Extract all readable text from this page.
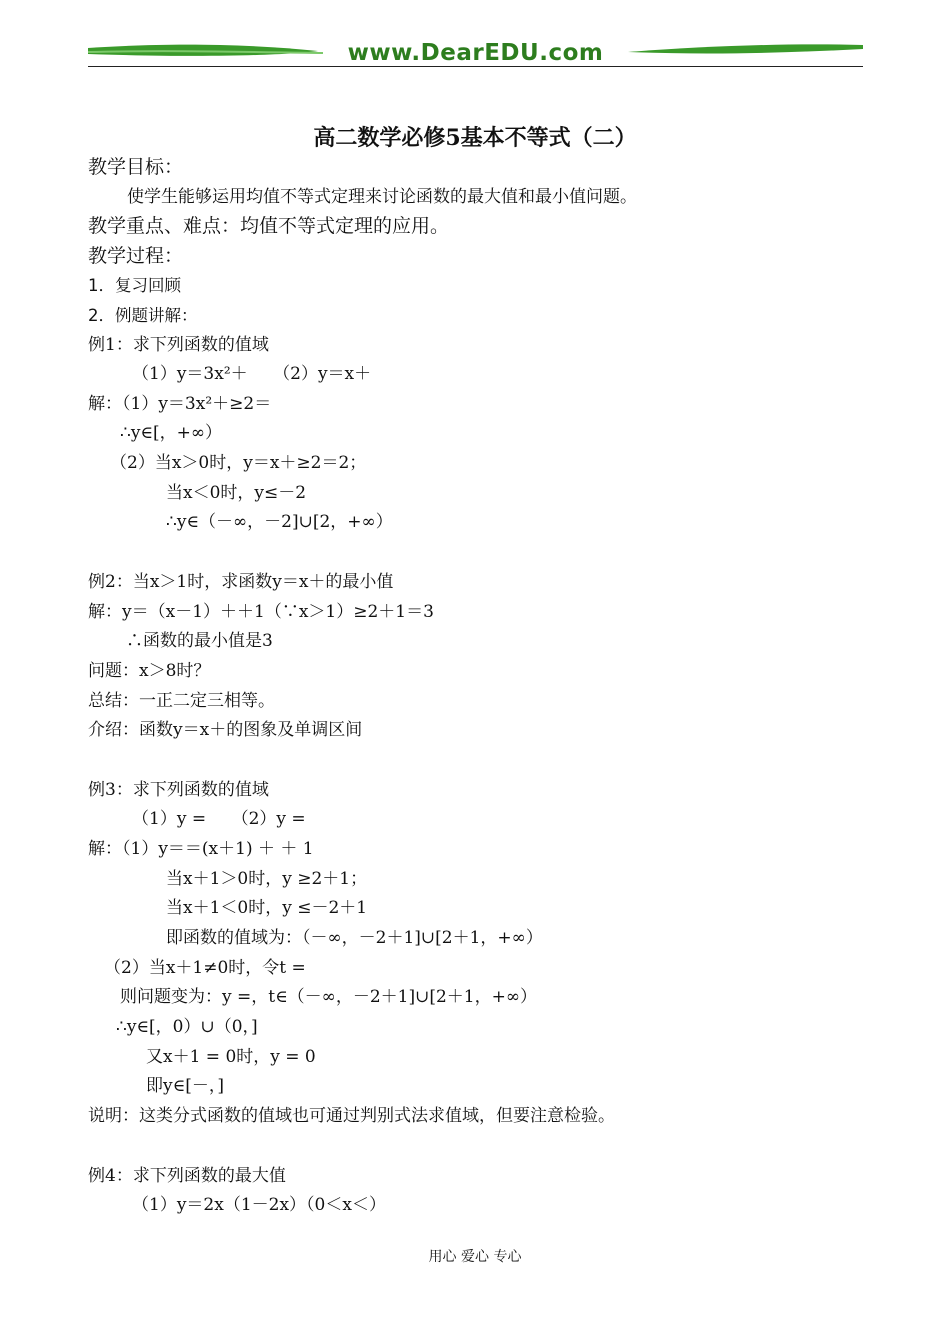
www.DearEDU.com
高二数学必修5基本不等式（二）
教学目标：
使学生能够运用均值不等式定理来讨论函数的最大值和最小值问题。
教学重点、难点：均值不等式定理的应用。
教学过程：
1．复习回顾
2．例题讲解：
例1：求下列函数的值域
（1）y＝3x²＋　　（2）y＝x＋
解：（1）y＝3x²＋≥2＝
∴y∈[，+∞）
（2）当x＞0时，y＝x＋≥2＝2；
当x＜0时，y≤－2
∴y∈（－∞，－2]∪[2，+∞）
例2：当x＞1时，求函数y＝x＋的最小值
解：y＝（x－1）＋＋1（∵x＞1）≥2＋1＝3
∴函数的最小值是3
问题：x＞8时？
总结：一正二定三相等。
介绍：函数y＝x＋的图象及单调区间
例3：求下列函数的值域
（1）y =　　（2）y =
解：（1）y＝＝(x＋1) ＋ ＋ 1
当x＋1＞0时，y ≥2＋1；
当x＋1＜0时，y ≤－2＋1
即函数的值域为：（－∞，－2＋1]∪[2＋1，+∞）
（2）当x＋1≠0时，令t =
则问题变为：y =，t∈（－∞，－2＋1]∪[2＋1，+∞）
∴y∈[，0）∪（0，]
又x＋1 = 0时，y = 0
即y∈[－，]
说明：这类分式函数的值域也可通过判别式法求值域，但要注意检验。
例4：求下列函数的最大值
（1）y＝2x（1－2x）（0＜x＜）
用心 爱心 专心
